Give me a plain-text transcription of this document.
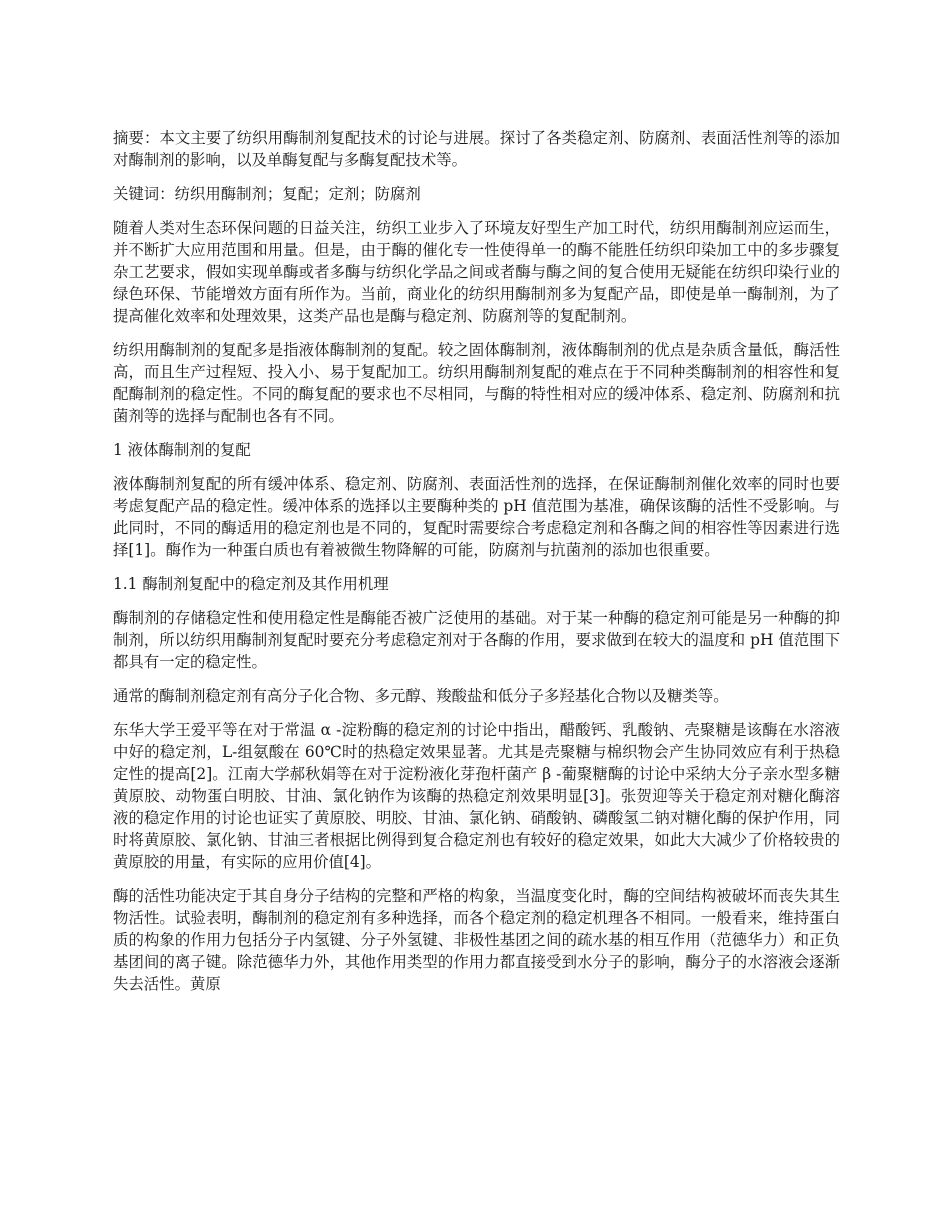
摘要：本文主要了纺织用酶制剂复配技术的讨论与进展。探讨了各类稳定剂、防腐剂、表面活性剂等的添加对酶制剂的影响，以及单酶复配与多酶复配技术等。

关键词：纺织用酶制剂；复配；定剂；防腐剂

随着人类对生态环保问题的日益关注，纺织工业步入了环境友好型生产加工时代，纺织用酶制剂应运而生，并不断扩大应用范围和用量。但是，由于酶的催化专一性使得单一的酶不能胜任纺织印染加工中的多步骤复杂工艺要求，假如实现单酶或者多酶与纺织化学品之间或者酶与酶之间的复合使用无疑能在纺织印染行业的绿色环保、节能增效方面有所作为。当前，商业化的纺织用酶制剂多为复配产品，即使是单一酶制剂，为了提高催化效率和处理效果，这类产品也是酶与稳定剂、防腐剂等的复配制剂。

纺织用酶制剂的复配多是指液体酶制剂的复配。较之固体酶制剂，液体酶制剂的优点是杂质含量低，酶活性高，而且生产过程短、投入小、易于复配加工。纺织用酶制剂复配的难点在于不同种类酶制剂的相容性和复配酶制剂的稳定性。不同的酶复配的要求也不尽相同，与酶的特性相对应的缓冲体系、稳定剂、防腐剂和抗菌剂等的选择与配制也各有不同。

1 液体酶制剂的复配

液体酶制剂复配的所有缓冲体系、稳定剂、防腐剂、表面活性剂的选择，在保证酶制剂催化效率的同时也要考虑复配产品的稳定性。缓冲体系的选择以主要酶种类的 pH 值范围为基准，确保该酶的活性不受影响。与此同时，不同的酶适用的稳定剂也是不同的，复配时需要综合考虑稳定剂和各酶之间的相容性等因素进行选择[1]。酶作为一种蛋白质也有着被微生物降解的可能，防腐剂与抗菌剂的添加也很重要。

1.1 酶制剂复配中的稳定剂及其作用机理

酶制剂的存储稳定性和使用稳定性是酶能否被广泛使用的基础。对于某一种酶的稳定剂可能是另一种酶的抑制剂，所以纺织用酶制剂复配时要充分考虑稳定剂对于各酶的作用，要求做到在较大的温度和 pH 值范围下都具有一定的稳定性。

通常的酶制剂稳定剂有高分子化合物、多元醇、羧酸盐和低分子多羟基化合物以及糖类等。

东华大学王爱平等在对于常温 α -淀粉酶的稳定剂的讨论中指出，醋酸钙、乳酸钠、壳聚糖是该酶在水溶液中好的稳定剂，L-组氨酸在 60℃时的热稳定效果显著。尤其是壳聚糖与棉织物会产生协同效应有利于热稳定性的提高[2]。江南大学郝秋娟等在对于淀粉液化芽孢杆菌产 β -葡聚糖酶的讨论中采纳大分子亲水型多糖黄原胶、动物蛋白明胶、甘油、氯化钠作为该酶的热稳定剂效果明显[3]。张贺迎等关于稳定剂对糖化酶溶液的稳定作用的讨论也证实了黄原胶、明胶、甘油、氯化钠、硝酸钠、磷酸氢二钠对糖化酶的保护作用，同时将黄原胶、氯化钠、甘油三者根据比例得到复合稳定剂也有较好的稳定效果，如此大大减少了价格较贵的黄原胶的用量，有实际的应用价值[4]。

酶的活性功能决定于其自身分子结构的完整和严格的构象，当温度变化时，酶的空间结构被破坏而丧失其生物活性。试验表明，酶制剂的稳定剂有多种选择，而各个稳定剂的稳定机理各不相同。一般看来，维持蛋白质的构象的作用力包括分子内氢键、分子外氢键、非极性基团之间的疏水基的相互作用（范德华力）和正负基团间的离子键。除范德华力外，其他作用类型的作用力都直接受到水分子的影响，酶分子的水溶液会逐渐失去活性。黄原
